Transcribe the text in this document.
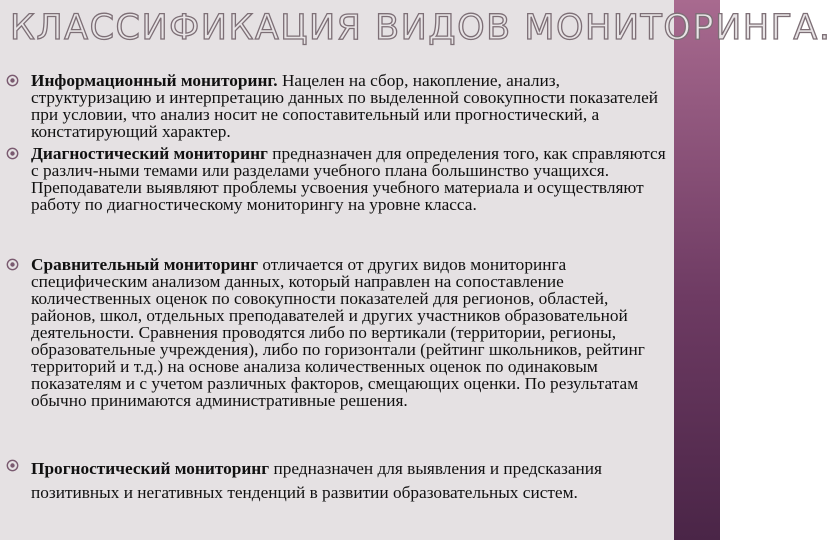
КЛАССИФИКАЦИЯ ВИДОВ МОНИТОРИНГА.
Информационный мониторинг. Нацелен на сбор, накопление, анализ, структуризацию и интерпретацию данных по выделенной совокупности показателей при условии, что анализ носит не сопоставительный или прогностический, а констатирующий характер.
Диагностический мониторинг предназначен для определения того, как справляются с различ-ными темами или разделами учебного плана большинство учащихся. Преподаватели выявляют проблемы усвоения учебного материала и осуществляют работу по диагностическому мониторингу на уровне класса.
Сравнительный мониторинг отличается от других видов мониторинга специфическим анализом данных, который направлен на сопоставление количественных оценок по совокупности показателей для регионов, областей, районов, школ, отдельных преподавателей и других участников образовательной деятельности. Сравнения проводятся либо по вертикали (территории, регионы, образовательные учреждения), либо по горизонтали (рейтинг школьников, рейтинг территорий и т.д.) на основе анализа количественных оценок по одинаковым показателям и с учетом различных факторов, смещающих оценки. По результатам обычно принимаются административные решения.
Прогностический мониторинг предназначен для выявления и предсказания позитивных и негативных тенденций в развитии образовательных систем.
